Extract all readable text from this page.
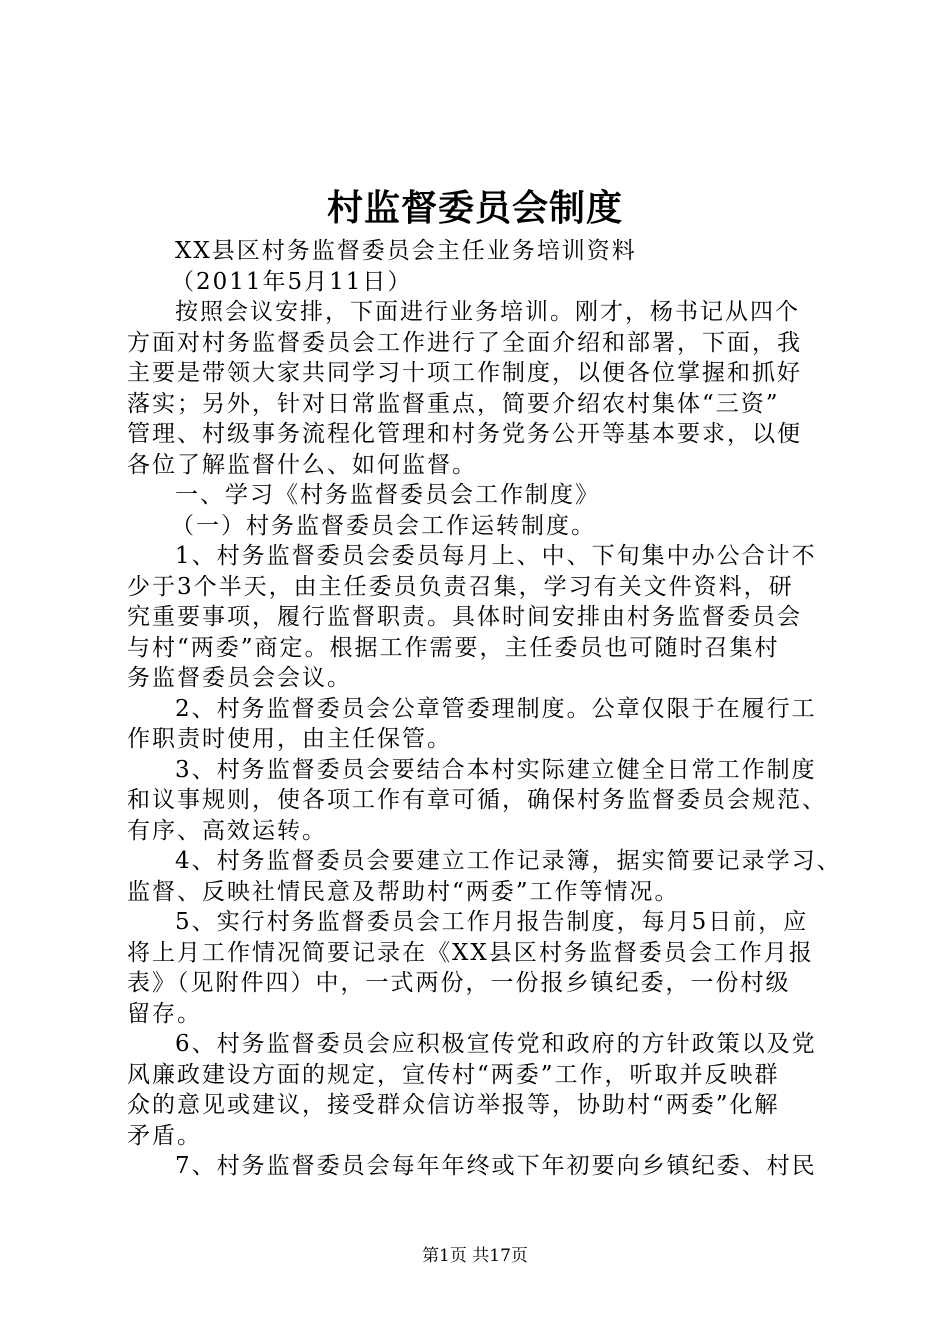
村监督委员会制度
XX县区村务监督委员会主任业务培训资料
（2011年5月11日）
按照会议安排，下面进行业务培训。刚才，杨书记从四个
方面对村务监督委员会工作进行了全面介绍和部署，下面，我
主要是带领大家共同学习十项工作制度，以便各位掌握和抓好
落实；另外，针对日常监督重点，简要介绍农村集体“三资”
管理、村级事务流程化管理和村务党务公开等基本要求，以便
各位了解监督什么、如何监督。
一、学习《村务监督委员会工作制度》
（一）村务监督委员会工作运转制度。
1、村务监督委员会委员每月上、中、下旬集中办公合计不
少于3个半天，由主任委员负责召集，学习有关文件资料，研
究重要事项，履行监督职责。具体时间安排由村务监督委员会
与村“两委”商定。根据工作需要，主任委员也可随时召集村
务监督委员会会议。
2、村务监督委员会公章管委理制度。公章仅限于在履行工
作职责时使用，由主任保管。
3、村务监督委员会要结合本村实际建立健全日常工作制度
和议事规则，使各项工作有章可循，确保村务监督委员会规范、
有序、高效运转。
4、村务监督委员会要建立工作记录簿，据实简要记录学习、
监督、反映社情民意及帮助村“两委”工作等情况。
5、实行村务监督委员会工作月报告制度，每月5日前，应
将上月工作情况简要记录在《XX县区村务监督委员会工作月报
表》（见附件四）中，一式两份，一份报乡镇纪委，一份村级
留存。
6、村务监督委员会应积极宣传党和政府的方针政策以及党
风廉政建设方面的规定，宣传村“两委”工作，听取并反映群
众的意见或建议，接受群众信访举报等，协助村“两委”化解
矛盾。
7、村务监督委员会每年年终或下年初要向乡镇纪委、村民
第1页 共17页
